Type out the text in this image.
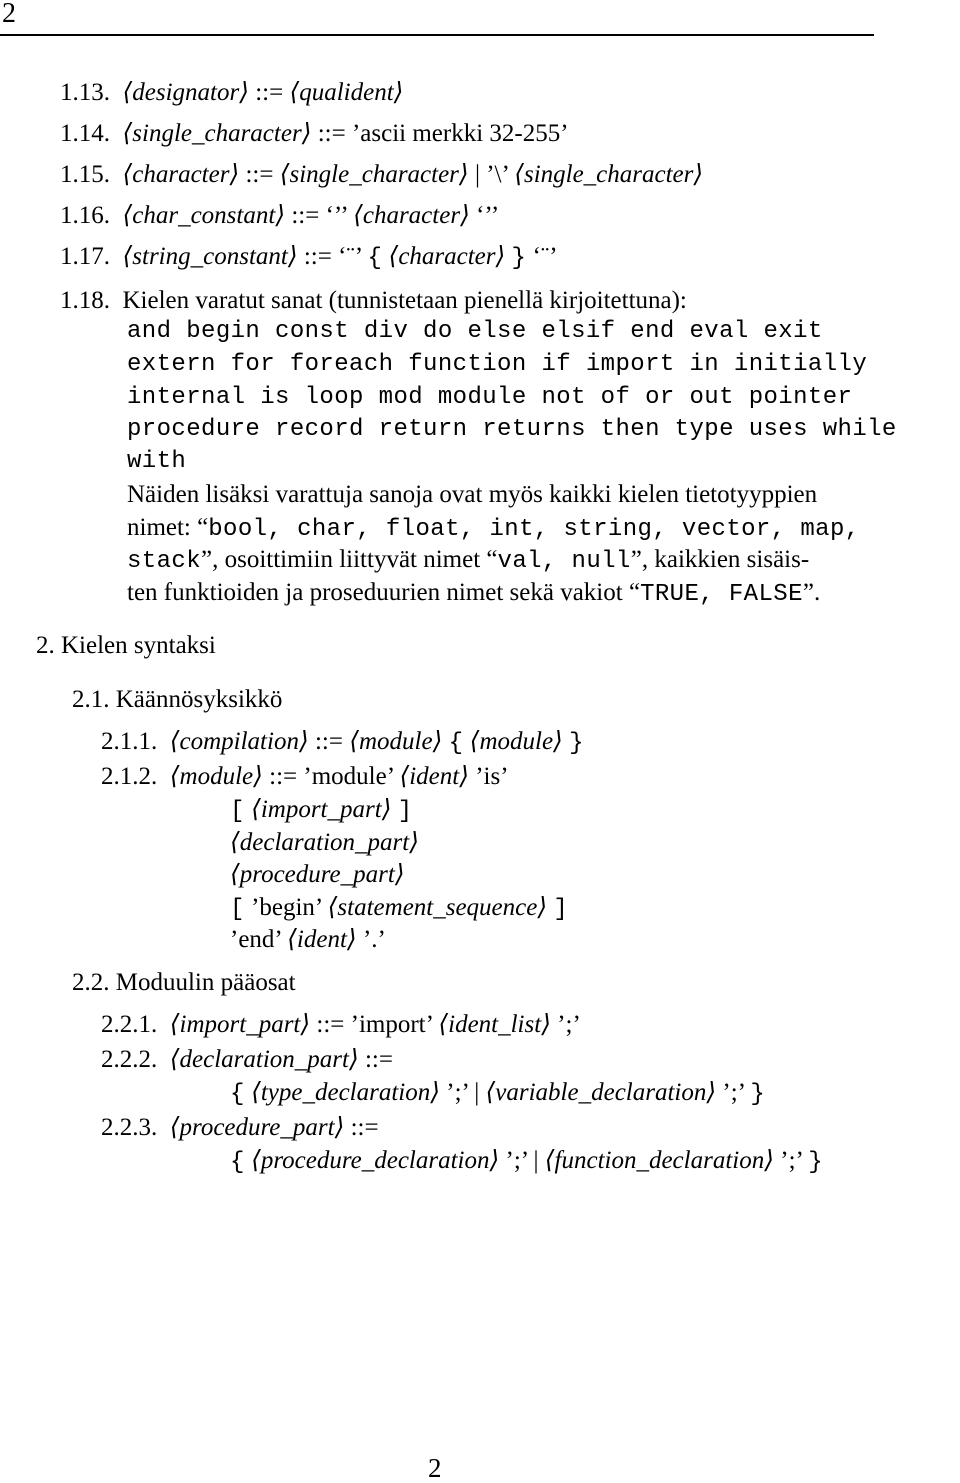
2
1.13. ⟨designator⟩ ::= ⟨qualident⟩
1.14. ⟨single_character⟩ ::= ’ascii merkki 32-255’
1.15. ⟨character⟩ ::= ⟨single_character⟩ | ’\’ ⟨single_character⟩
1.16. ⟨char_constant⟩ ::= ‘’’ ⟨character⟩ ‘’’
1.17. ⟨string_constant⟩ ::= ‘¨’ { ⟨character⟩ } ‘¨’
1.18. Kielen varatut sanat (tunnistetaan pienellä kirjoitettuna):
and begin const div do else elsif end eval exit
extern for foreach function if import in initially
internal is loop mod module not of or out pointer
procedure record return returns then type uses while
with
Näiden lisäksi varattuja sanoja ovat myös kaikki kielen tietotyyppien
nimet: “bool, char, float, int, string, vector, map,
stack”, osoittimiin liittyvät nimet “val, null”, kaikkien sisäis-
ten funktioiden ja proseduurien nimet sekä vakiot “TRUE, FALSE”.
2. Kielen syntaksi
2.1. Käännösyksikkö
2.1.1. ⟨compilation⟩ ::= ⟨module⟩ { ⟨module⟩ }
2.1.2. ⟨module⟩ ::= ’module’ ⟨ident⟩ ’is’
[ ⟨import_part⟩ ]
⟨declaration_part⟩
⟨procedure_part⟩
[ ’begin’ ⟨statement_sequence⟩ ]
’end’ ⟨ident⟩ ’.’
2.2. Moduulin pääosat
2.2.1. ⟨import_part⟩ ::= ’import’ ⟨ident_list⟩ ’;’
2.2.2. ⟨declaration_part⟩ ::=
{ ⟨type_declaration⟩ ’;’ | ⟨variable_declaration⟩ ’;’ }
2.2.3. ⟨procedure_part⟩ ::=
{ ⟨procedure_declaration⟩ ’;’ | ⟨function_declaration⟩ ’;’ }
2
